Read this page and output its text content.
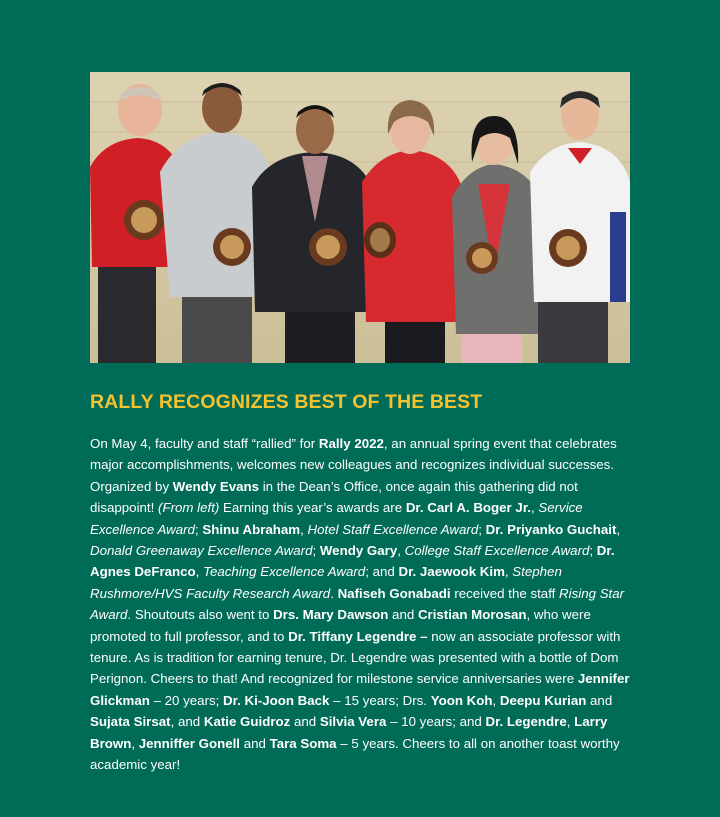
RALLY RECOGNIZES BEST OF THE BEST

On May 4, faculty and staff “rallied” for Rally 2022, an annual spring event that celebrates major accomplishments, welcomes new colleagues and recognizes individual successes. Organized by Wendy Evans in the Dean’s Office, once again this gathering did not disappoint! (From left) Earning this year’s awards are Dr. Carl A. Boger Jr., Service Excellence Award; Shinu Abraham, Hotel Staff Excellence Award; Dr. Priyanko Guchait, Donald Greenaway Excellence Award; Wendy Gary, College Staff Excellence Award; Dr. Agnes DeFranco, Teaching Excellence Award; and Dr. Jaewook Kim, Stephen Rushmore/HVS Faculty Research Award. Nafiseh Gonabadi received the staff Rising Star Award. Shoutouts also went to Drs. Mary Dawson and Cristian Morosan, who were promoted to full professor, and to Dr. Tiffany Legendre – now an associate professor with tenure. As is tradition for earning tenure, Dr. Legendre was presented with a bottle of Dom Perignon. Cheers to that! And recognized for milestone service anniversaries were Jennifer Glickman – 20 years; Dr. Ki-Joon Back – 15 years; Drs. Yoon Koh, Deepu Kurian and Sujata Sirsat, and Katie Guidroz and Silvia Vera – 10 years; and Dr. Legendre, Larry Brown, Jenniffer Gonell and Tara Soma – 5 years. Cheers to all on another toast worthy academic year!
